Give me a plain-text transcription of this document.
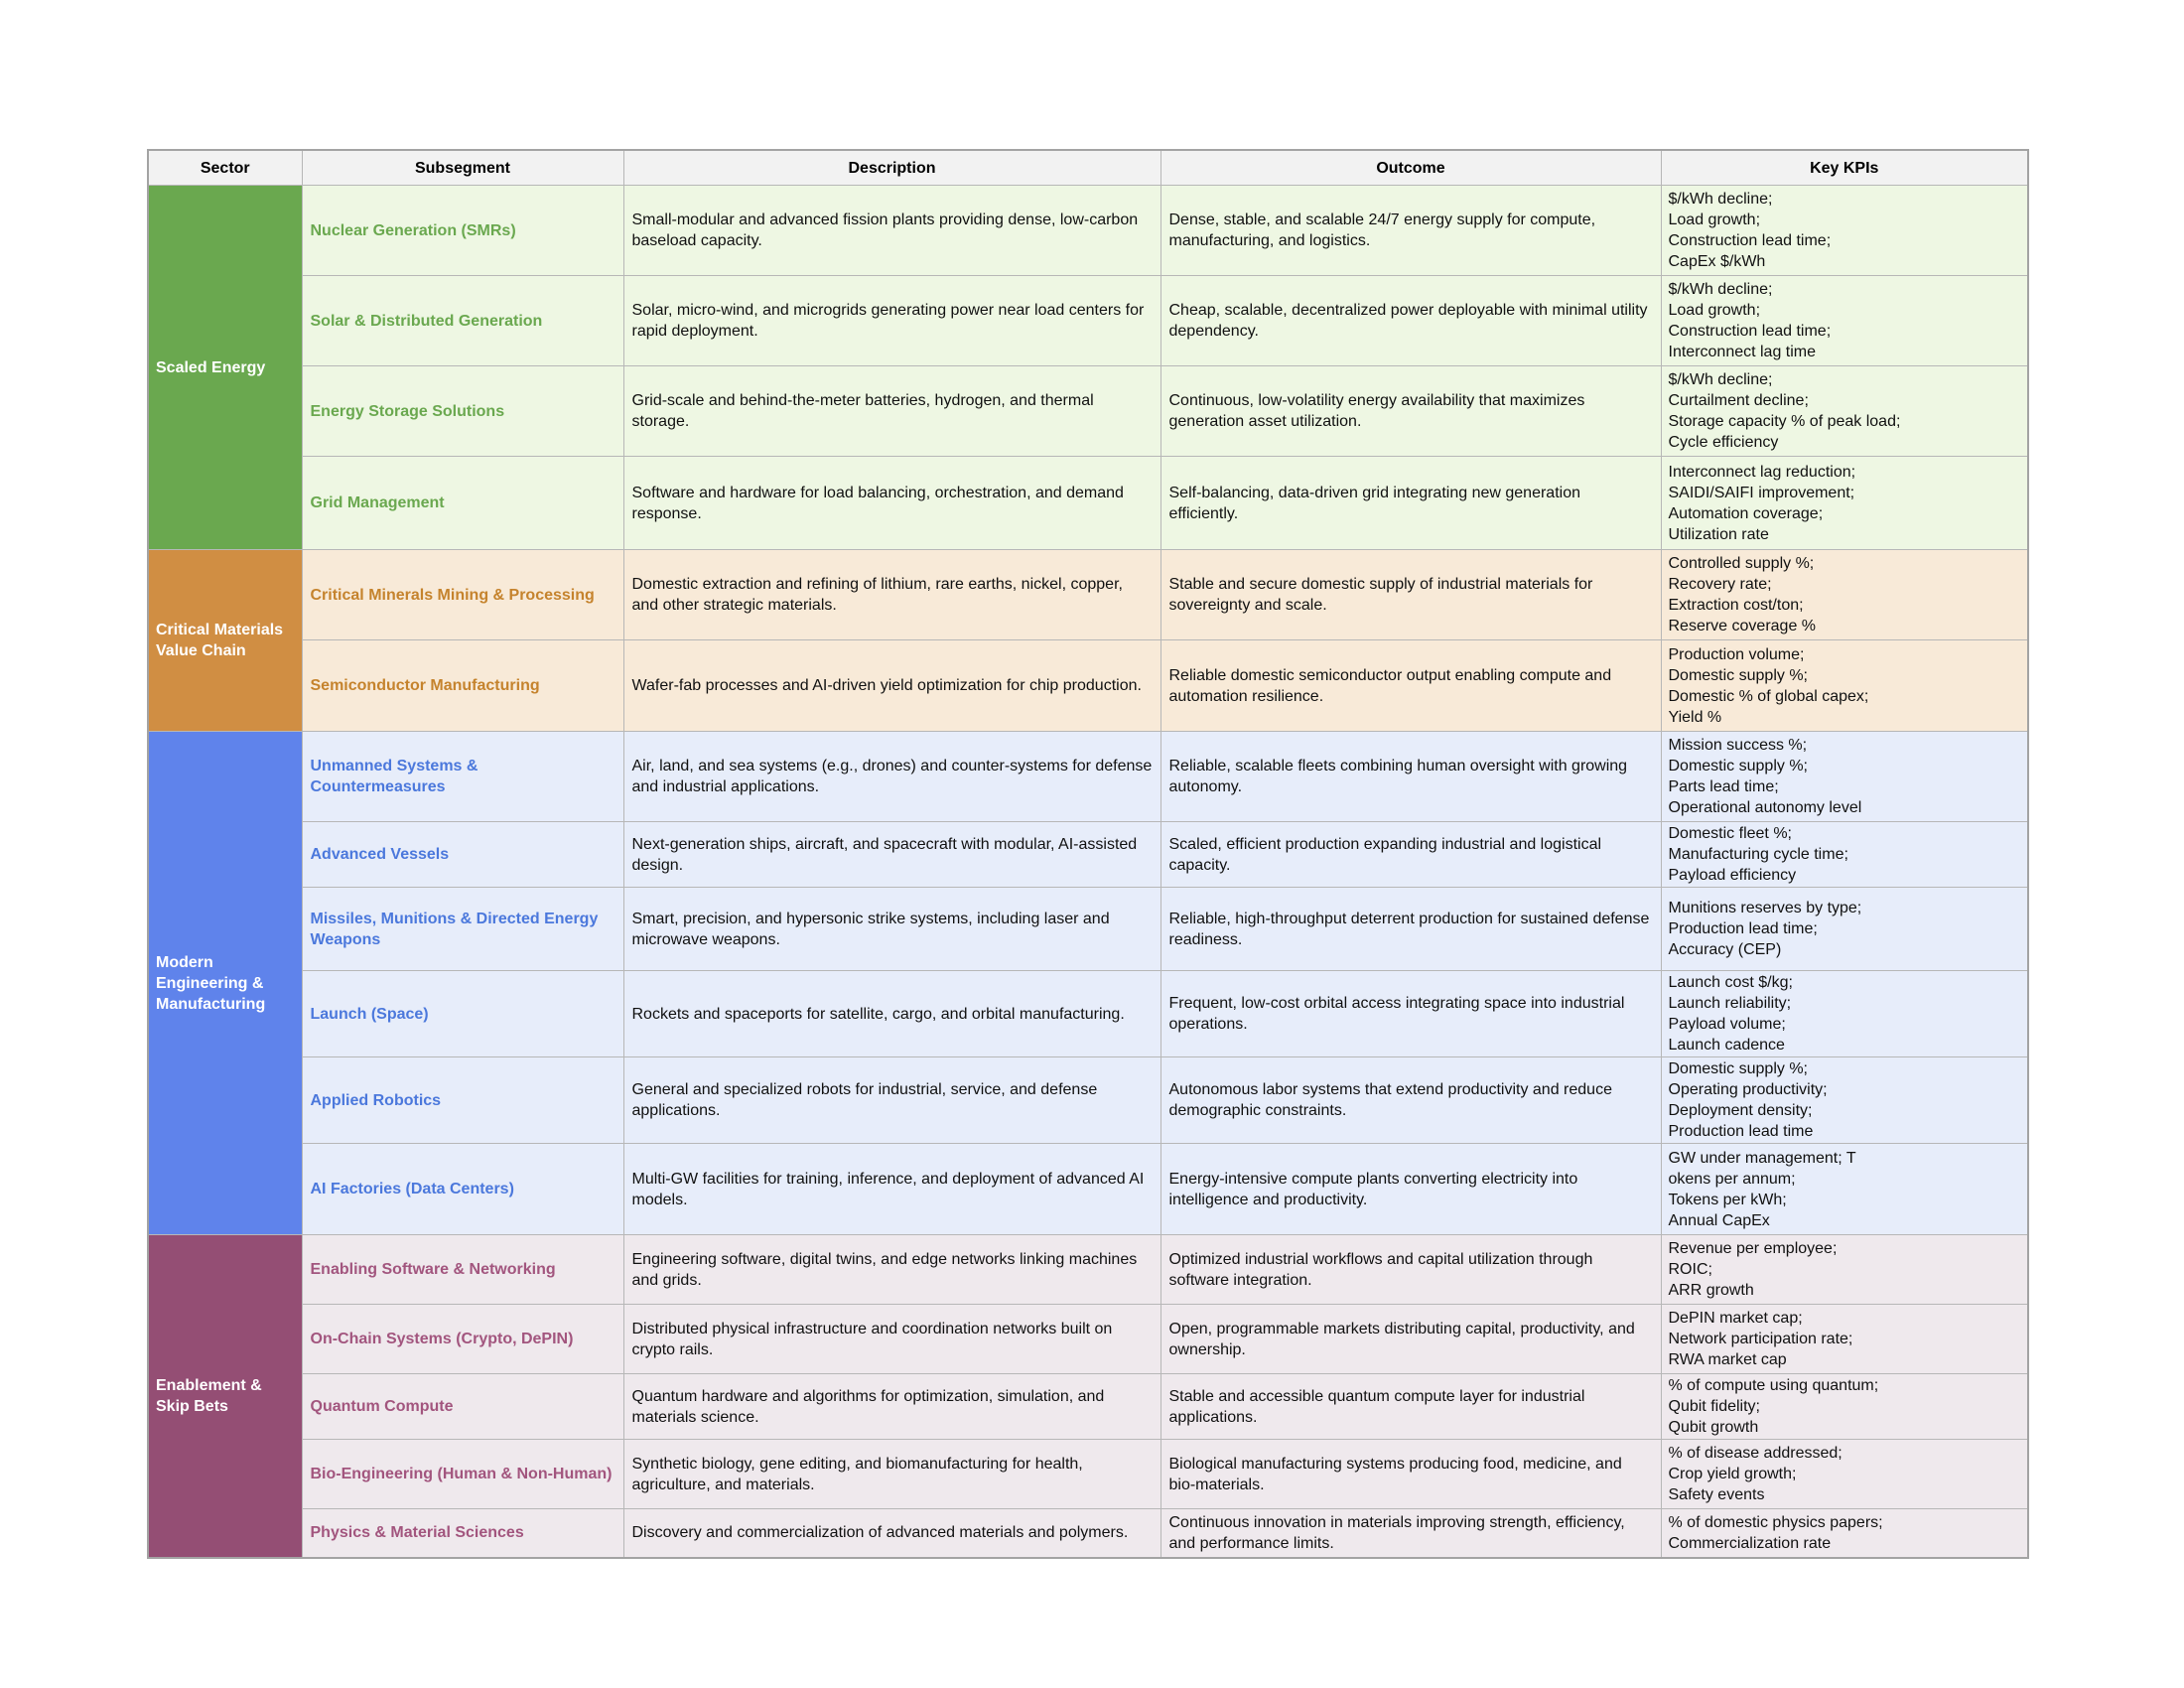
Sector	Subsegment	Description	Outcome	Key KPIs
Scaled Energy	Nuclear Generation (SMRs)	Small-modular and advanced fission plants providing dense, low-carbon baseload capacity.	Dense, stable, and scalable 24/7 energy supply for compute, manufacturing, and logistics.	$/kWh decline;
Load growth;
Construction lead time;
CapEx $/kWh

	Solar & Distributed Generation	Solar, micro-wind, and microgrids generating power near load centers for rapid deployment.	Cheap, scalable, decentralized power deployable with minimal utility dependency.	$/kWh decline;
Load growth;
Construction lead time;
Interconnect lag time

	Energy Storage Solutions	Grid-scale and behind-the-meter batteries, hydrogen, and thermal storage.	Continuous, low-volatility energy availability that maximizes generation asset utilization.	$/kWh decline;
Curtailment decline;
Storage capacity % of peak load;
Cycle efficiency

	Grid Management	Software and hardware for load balancing, orchestration, and demand response.	Self-balancing, data-driven grid integrating new generation efficiently.	Interconnect lag reduction;
SAIDI/SAIFI improvement;
Automation coverage;
Utilization rate

Critical Materials Value Chain	Critical Minerals Mining & Processing	Domestic extraction and refining of lithium, rare earths, nickel, copper, and other strategic materials.	Stable and secure domestic supply of industrial materials for sovereignty and scale.	Controlled supply %;
Recovery rate;
Extraction cost/ton;
Reserve coverage %

	Semiconductor Manufacturing	Wafer-fab processes and AI-driven yield optimization for chip production.	Reliable domestic semiconductor output enabling compute and automation resilience.	Production volume;
Domestic supply %;
Domestic % of global capex;
Yield %

Modern Engineering & Manufacturing	Unmanned Systems & Countermeasures	Air, land, and sea systems (e.g., drones) and counter-systems for defense and industrial applications.	Reliable, scalable fleets combining human oversight with growing autonomy.	Mission success %;
Domestic supply %;
Parts lead time;
Operational autonomy level

	Advanced Vessels	Next-generation ships, aircraft, and spacecraft with modular, AI-assisted design.	Scaled, efficient production expanding industrial and logistical capacity.	Domestic fleet %;
Manufacturing cycle time;
Payload efficiency

	Missiles, Munitions & Directed Energy Weapons	Smart, precision, and hypersonic strike systems, including laser and microwave weapons.	Reliable, high-throughput deterrent production for sustained defense readiness.	Munitions reserves by type;
Production lead time;
Accuracy (CEP)

	Launch (Space)	Rockets and spaceports for satellite, cargo, and orbital manufacturing.	Frequent, low-cost orbital access integrating space into industrial operations.	Launch cost $/kg;
Launch reliability;
Payload volume;
Launch cadence

	Applied Robotics	General and specialized robots for industrial, service, and defense applications.	Autonomous labor systems that extend productivity and reduce demographic constraints.	Domestic supply %;
Operating productivity;
Deployment density;
Production lead time

	AI Factories (Data Centers)	Multi-GW facilities for training, inference, and deployment of advanced AI models.	Energy-intensive compute plants converting electricity into intelligence and productivity.	GW under management; T
okens per annum;
Tokens per kWh;
Annual CapEx

Enablement & Skip Bets	Enabling Software & Networking	Engineering software, digital twins, and edge networks linking machines and grids.	Optimized industrial workflows and capital utilization through software integration.	Revenue per employee;
ROIC;
ARR growth

	On-Chain Systems (Crypto, DePIN)	Distributed physical infrastructure and coordination networks built on crypto rails.	Open, programmable markets distributing capital, productivity, and ownership.	DePIN market cap;
Network participation rate;
RWA market cap

	Quantum Compute	Quantum hardware and algorithms for optimization, simulation, and materials science.	Stable and accessible quantum compute layer for industrial applications.	% of compute using quantum;
Qubit fidelity;
Qubit growth

	Bio-Engineering (Human & Non-Human)	Synthetic biology, gene editing, and biomanufacturing for health, agriculture, and materials.	Biological manufacturing systems producing food, medicine, and bio-materials.	% of disease addressed;
Crop yield growth;
Safety events

	Physics & Material Sciences	Discovery and commercialization of advanced materials and polymers.	Continuous innovation in materials improving strength, efficiency, and performance limits.	% of domestic physics papers;
Commercialization rate
